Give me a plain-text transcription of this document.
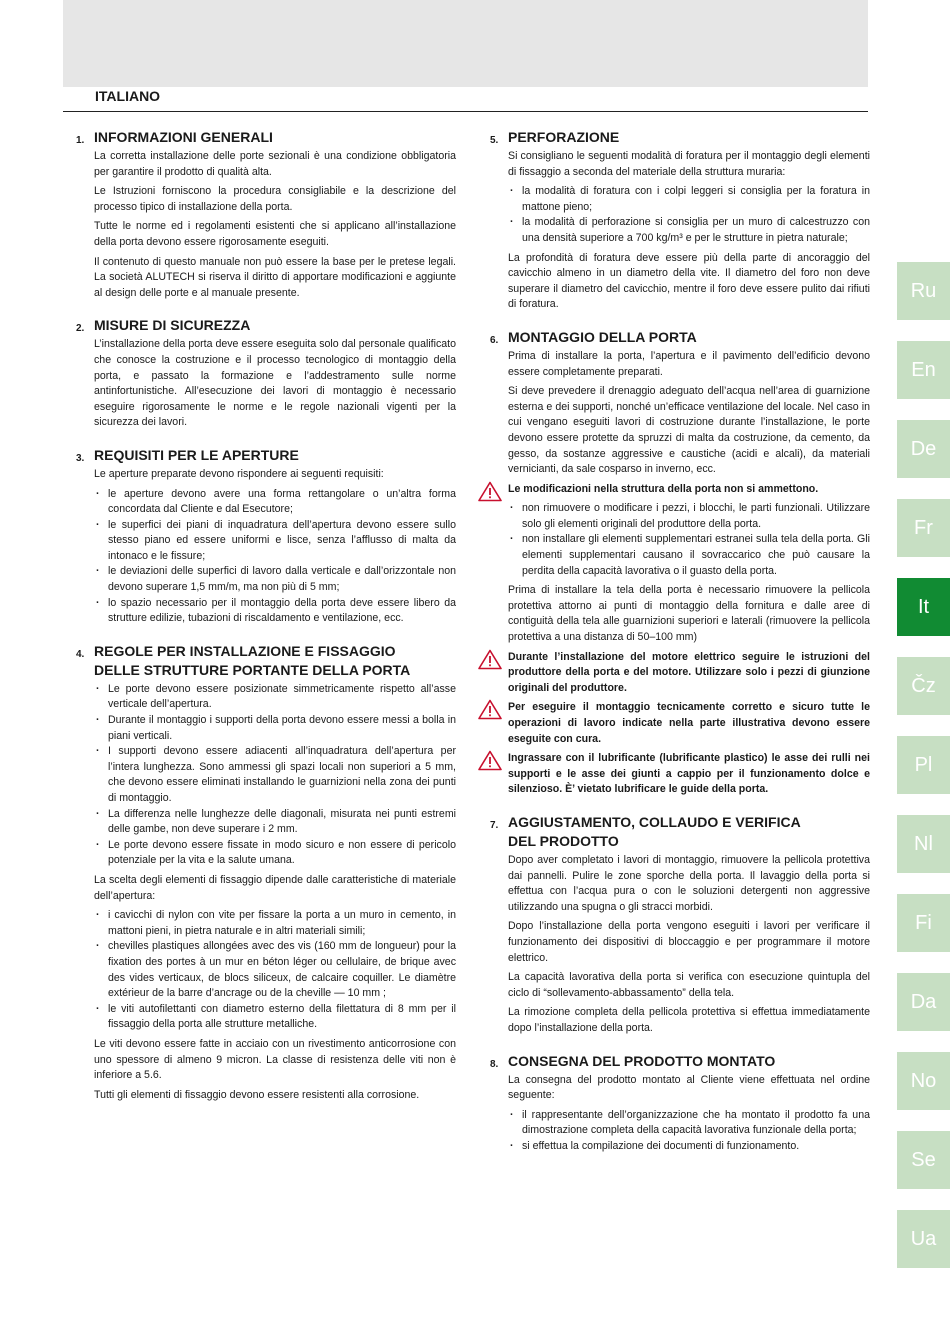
ITALIANO
1. INFORMAZIONI GENERALI

La corretta installazione delle porte sezionali è una condizione obbligatoria per garantire il prodotto di qualità alta.

Le Istruzioni forniscono la procedura consigliabile e la descrizione del processo tipico di installazione della porta.

Tutte le norme ed i regolamenti esistenti che si applicano all’installazione della porta devono essere rigorosamente eseguiti.

Il contenuto di questo manuale non può essere la base per le pretese legali. La società ALUTECH si riserva il diritto di apportare modificazioni e aggiunte al design delle porte e al manuale presente.

2. MISURE DI SICUREZZA

L’installazione della porta deve essere eseguita solo dal personale qualificato che conosce la costruzione e il processo tecnologico di montaggio della porta, e passato la formazione e l’addestramento sulle norme antinfortunistiche. All’esecuzione dei lavori di montaggio è necessario eseguire rigorosamente le norme e le regole nazionali vigenti per la sicurezza dei lavori.

3. REQUISITI PER LE APERTURE

Le aperture preparate devono rispondere ai seguenti requisiti:

· le aperture devono avere una forma rettangolare o un’altra forma concordata dal Cliente e dal Esecutore;
· le superfici dei piani di inquadratura dell’apertura devono essere sullo stesso piano ed essere uniformi e lisce, senza l’afflusso di malta da intonaco e le fissure;
· le deviazioni delle superfici di lavoro dalla verticale e dall’orizzontale non devono superare 1,5 mm/m, ma non più di 5 mm;
· lo spazio necessario per il montaggio della porta deve essere libero da strutture edilizie, tubazioni di riscaldamento e ventilazione, ecc.
4. REGOLE PER INSTALLAZIONE E FISSAGGIO
DELLE STRUTTURE PORTANTE DELLA PORTA
· Le porte devono essere posizionate simmetricamente rispetto all’asse verticale dell’apertura.
· Durante il montaggio i supporti della porta devono essere messi a bolla in piani verticali.
· I supporti devono essere adiacenti all’inquadratura dell’apertura per l’intera lunghezza. Sono ammessi gli spazi locali non superiori a 5 mm, che devono essere eliminati installando le guarnizioni nella zona dei punti di montaggio.
· La differenza nelle lunghezze delle diagonali, misurata nei punti estremi delle gambe, non deve superare i 2 mm.
· Le porte devono essere fissate in modo sicuro e non essere di pericolo potenziale per la vita e la salute umana.

La scelta degli elementi di fissaggio dipende dalle caratteristiche di materiale dell’apertura:

· i cavicchi di nylon con vite per fissare la porta a un muro in cemento, in mattoni pieni, in pietra naturale e in altri materiali simili;
· chevilles plastiques allongées avec des vis (160 mm de longueur) pour la fixation des portes à un mur en béton léger ou cellulaire, de brique avec des vides verticaux, de blocs siliceux, de calcaire coquiller. Le diamètre extérieur de la barre d’ancrage ou de la cheville — 10 mm ;
· le viti autofilettanti con diametro esterno della filettatura di 8 mm per il fissaggio della porta alle strutture metalliche.

Le viti devono essere fatte in acciaio con un rivestimento anticorrosione con uno spessore di almeno 9 micron. La classe di resistenza delle viti non è inferiore a 5.6.

Tutti gli elementi di fissaggio devono essere resistenti alla corrosione.

5. PERFORAZIONE

Si consigliano le seguenti modalità di foratura per il montaggio degli elementi di fissaggio a seconda del materiale della struttura muraria:

· la modalità di foratura con i colpi leggeri si consiglia per la foratura in mattone pieno;
· la modalità di perforazione si consiglia per un muro di calcestruzzo con una densità superiore a 700 kg/m³ e per le strutture in pietra naturale;

La profondità di foratura deve essere più della parte di ancoraggio del cavicchio almeno in un diametro della vite. Il diametro del foro non deve superare il diametro del cavicchio, mentre il foro deve essere pulito dai rifiuti di foratura.

6. MONTAGGIO DELLA PORTA

Prima di installare la porta, l’apertura e il pavimento dell’edificio devono essere completamente preparati.

Si deve prevedere il drenaggio adeguato dell’acqua nell’area di guarnizione esterna e dei supporti, nonché un’efficace ventilazione del locale. Nel caso in cui vengano eseguiti lavori di costruzione durante l’installazione, le porte devono essere protette da spruzzi di malta da costruzione, da cemento, da gesso, da sostanze aggressive e caustiche (acidi e alcali), da materiali vernicianti, da sale cosparso in inverno, ecc.

Le modificazioni nella struttura della porta non si ammettono.
· non rimuovere o modificare i pezzi, i blocchi, le parti funzionali. Utilizzare solo gli elementi originali del produttore della porta.
· non installare gli elementi supplementari estranei sulla tela della porta. Gli elementi supplementari causano il sovraccarico che può causare la perdita della capacità lavorativa o il guasto della porta.

Prima di installare la tela della porta è necessario rimuovere la pellicola protettiva attorno ai punti di montaggio della fornitura e dalle aree di contiguità della tela alle guarnizioni superiori e laterali (rimuovere la pellicola protettiva a una distanza di 50–100 mm)

Durante l’installazione del motore elettrico seguire le istruzioni del produttore della porta e del motore. Utilizzare solo i pezzi di giunzione originali del produttore.
Per eseguire il montaggio tecnicamente corretto e sicuro tutte le operazioni di lavoro indicate nella parte illustrativa devono essere eseguite con cura.
Ingrassare con il lubrificante (lubrificante plastico) le asse dei rulli nei supporti e le asse dei giunti a cappio per il funzionamento dolce e silenzioso. È’ vietato lubrificare le guide della porta.
7. AGGIUSTAMENTO, COLLAUDO E VERIFICA
DEL PRODOTTO

Dopo aver completato i lavori di montaggio, rimuovere la pellicola protettiva dai pannelli. Pulire le zone sporche della porta. Il lavaggio della porta si effettua con l’acqua pura o con le soluzioni detergenti non aggressive utilizzando una spugna o gli stracci morbidi.

Dopo l’installazione della porta vengono eseguiti i lavori per verificare il funzionamento dei dispositivi di bloccaggio e per programmare il motore elettrico.

La capacità lavorativa della porta si verifica con esecuzione quintupla del ciclo di “sollevamento-abbassamento” della tela.

La rimozione completa della pellicola protettiva si effettua immediatamente dopo l’installazione della porta.

8. CONSEGNA DEL PRODOTTO MONTATO

La consegna del prodotto montato al Cliente viene effettuata nel ordine seguente:

· il rappresentante dell’organizzazione che ha montato il prodotto fa una dimostrazione completa della capacità lavorativa funzionale della porta;
· si effettua la compilazione dei documenti di funzionamento.
Ru
En
De
Fr
It
Čz
Pl
Nl
Fi
Da
No
Se
Ua
